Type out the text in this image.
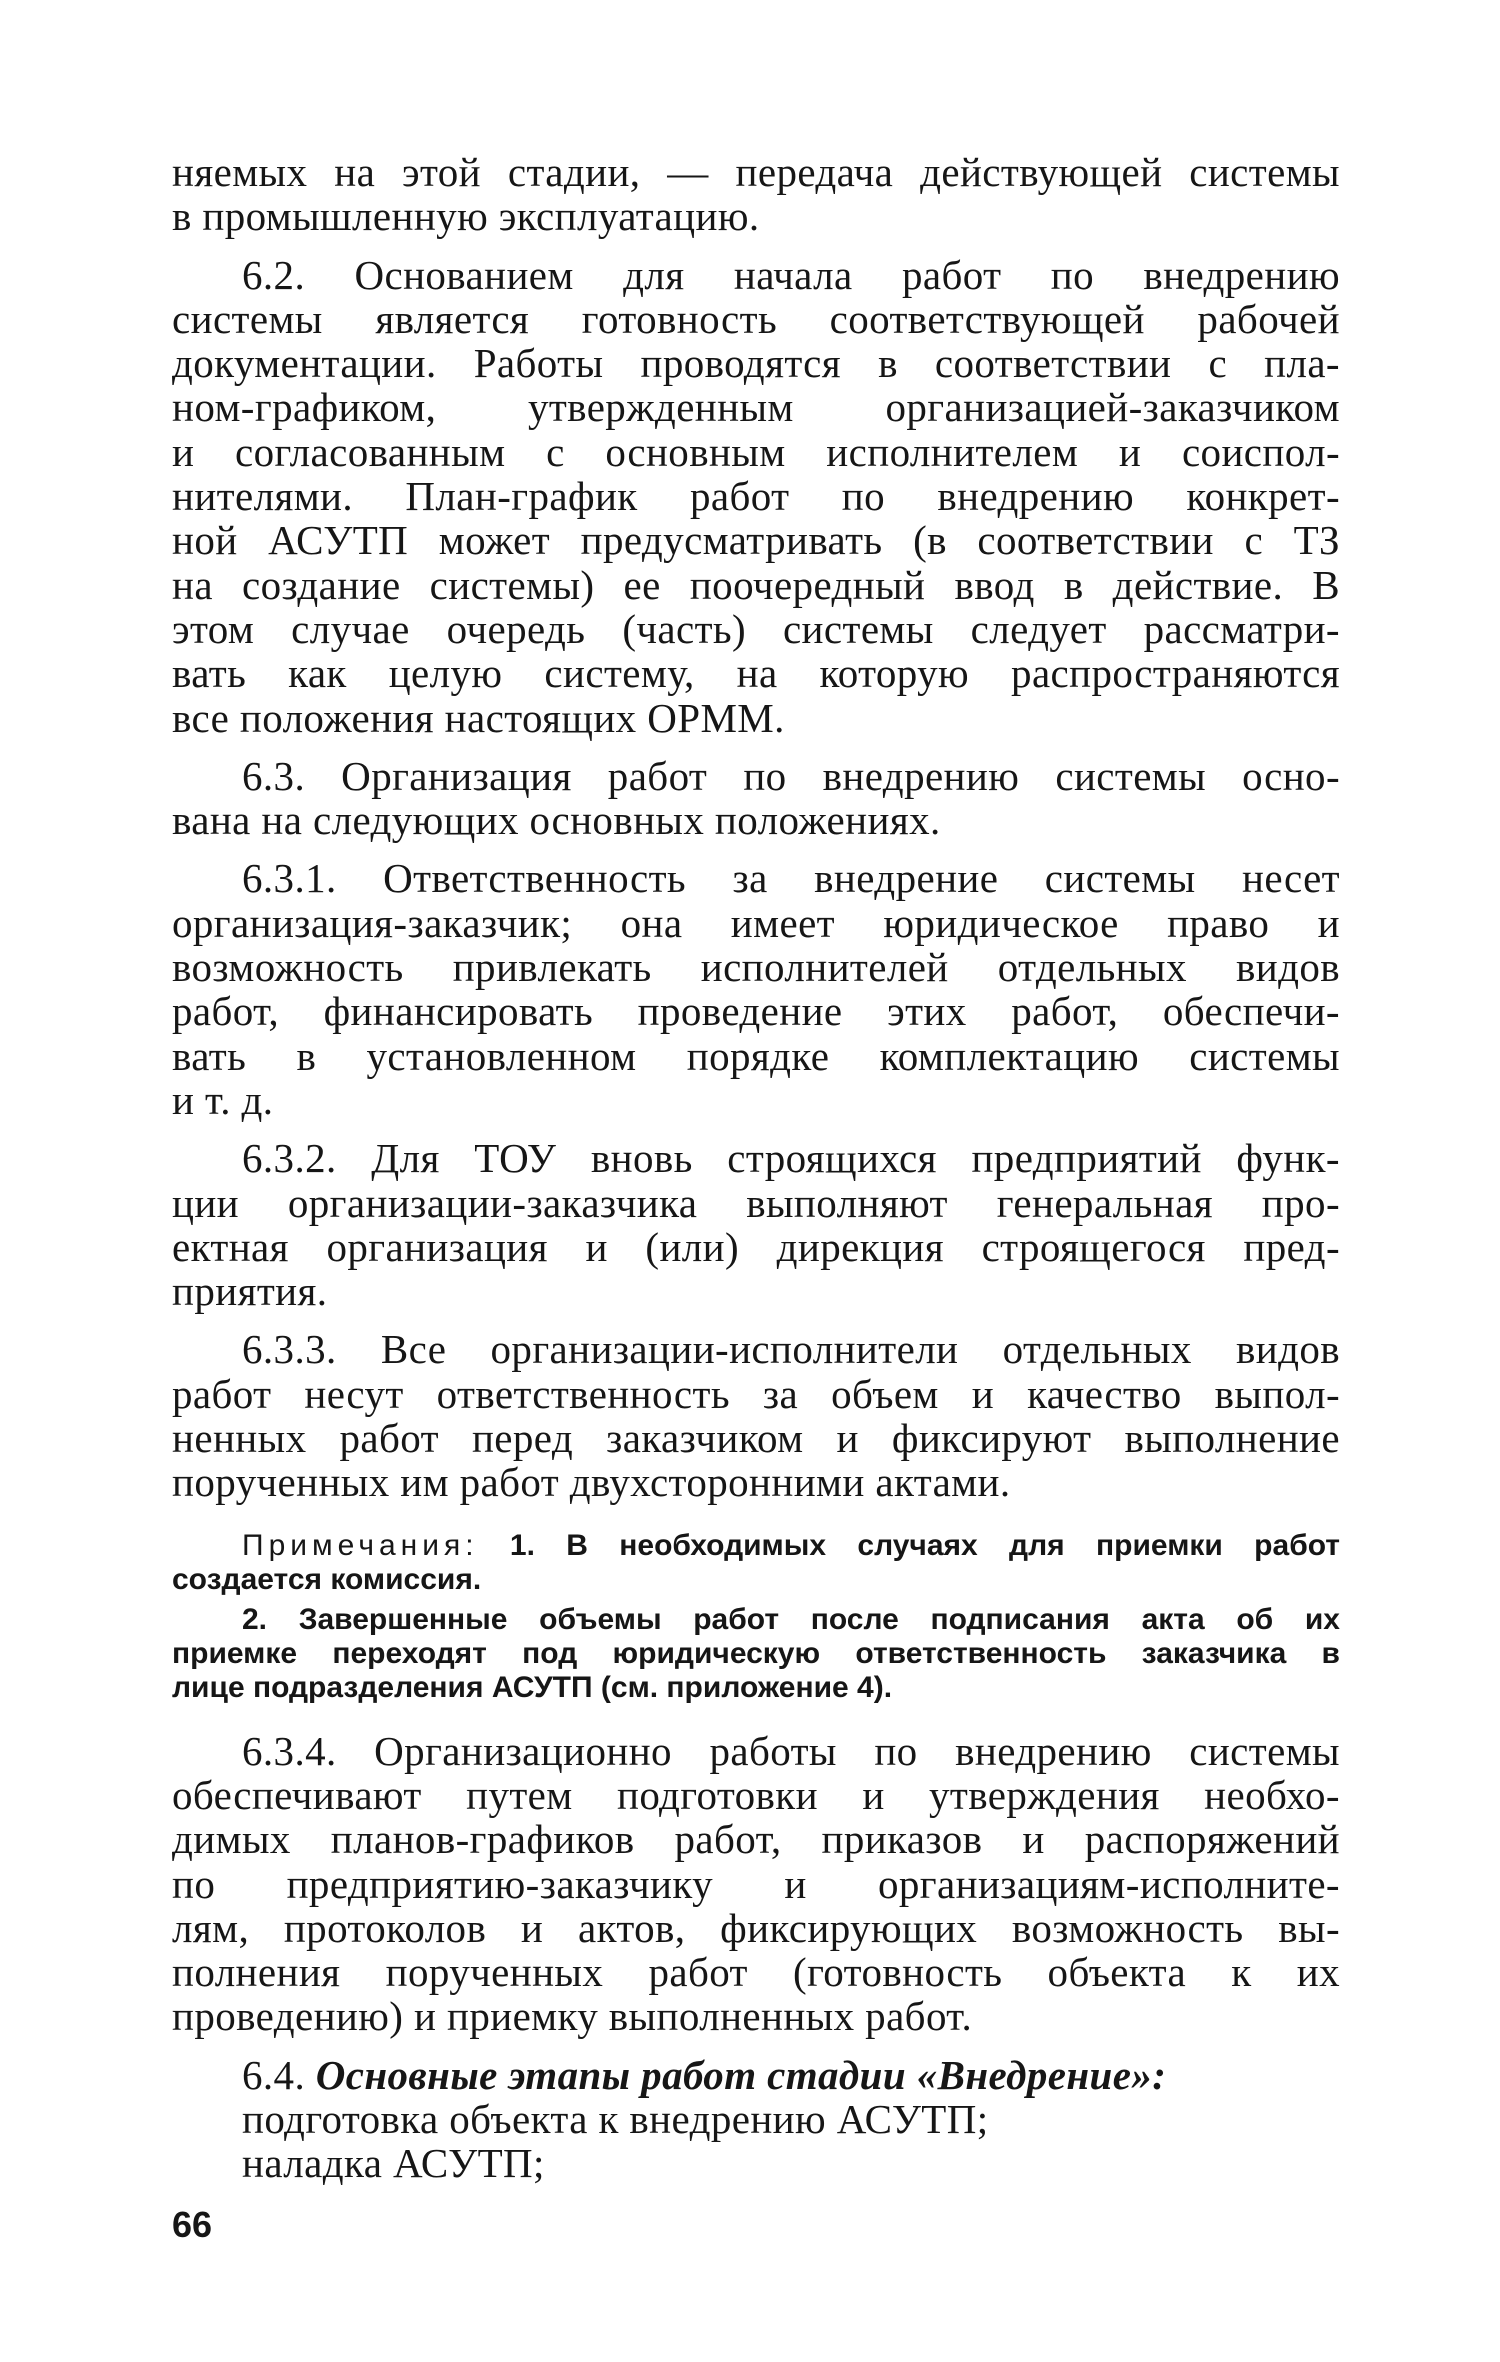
няемых на этой стадии, — передача действующей системы
в промышленную эксплуатацию.
6.2. Основанием для начала работ по внедрению
системы является готовность соответствующей рабочей
документации. Работы проводятся в соответствии с пла-
ном-графиком, утвержденным организацией-заказчиком
и согласованным с основным исполнителем и соиспол-
нителями. План-график работ по внедрению конкрет-
ной АСУТП может предусматривать (в соответствии с ТЗ
на создание системы) ее поочередный ввод в действие. В
этом случае очередь (часть) системы следует рассматри-
вать как целую систему, на которую распространяются
все положения настоящих ОРММ.
6.3. Организация работ по внедрению системы осно-
вана на следующих основных положениях.
6.3.1. Ответственность за внедрение системы несет
организация-заказчик; она имеет юридическое право и
возможность привлекать исполнителей отдельных видов
работ, финансировать проведение этих работ, обеспечи-
вать в установленном порядке комплектацию системы
и т. д.
6.3.2. Для ТОУ вновь строящихся предприятий функ-
ции организации-заказчика выполняют генеральная про-
ектная организация и (или) дирекция строящегося пред-
приятия.
6.3.3. Все организации-исполнители отдельных видов
работ несут ответственность за объем и качество выпол-
ненных работ перед заказчиком и фиксируют выполнение
порученных им работ двухсторонними актами.
Примечания: 1. В необходимых случаях для приемки работ
создается комиссия.
2. Завершенные объемы работ после подписания акта об их
приемке переходят под юридическую ответственность заказчика в
лице подразделения АСУТП (см. приложение 4).
6.3.4. Организационно работы по внедрению системы
обеспечивают путем подготовки и утверждения необхо-
димых планов-графиков работ, приказов и распоряжений
по предприятию-заказчику и организациям-исполните-
лям, протоколов и актов, фиксирующих возможность вы-
полнения порученных работ (готовность объекта к их
проведению) и приемку выполненных работ.
6.4. Основные этапы работ стадии «Внедрение»:
подготовка объекта к внедрению АСУТП;
наладка АСУТП;
66
